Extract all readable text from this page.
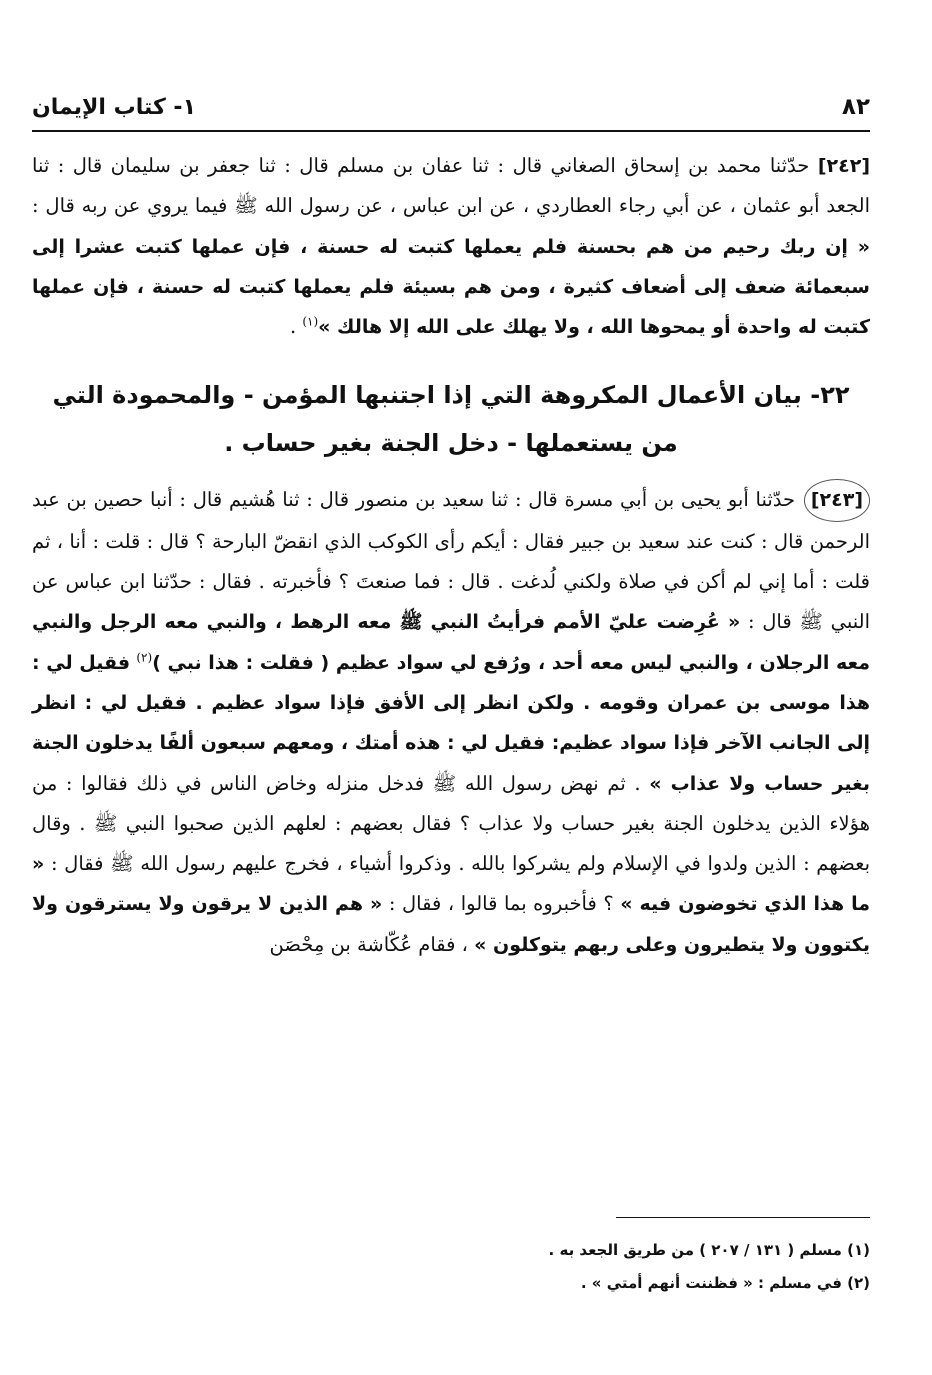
٨٢
١- كتاب الإيمان

[٢٤٢] حدّثنا محمد بن إسحاق الصغاني قال : ثنا عفان بن مسلم قال : ثنا جعفر بن سليمان قال : ثنا الجعد أبو عثمان ، عن أبي رجاء العطاردي ، عن ابن عباس ، عن رسول الله ﷺ فيما يروي عن ربه قال : « إن ربك رحيم من هم بحسنة فلم يعملها كتبت له حسنة ، فإن عملها كتبت عشرا إلى سبعمائة ضعف إلى أضعاف كثيرة ، ومن هم بسيئة فلم يعملها كتبت له حسنة ، فإن عملها كتبت له واحدة أو يمحوها الله ، ولا يهلك على الله إلا هالك »$^{(١)}$ .

٢٢- بيان الأعمال المكروهة التي إذا اجتنبها المؤمن - والمحمودة التي من يستعملها - دخل الجنة بغير حساب .

[٢٤٣] حدّثنا أبو يحيى بن أبي مسرة قال : ثنا سعيد بن منصور قال : ثنا هُشيم قال : أنبا حصين بن عبد الرحمن قال : كنت عند سعيد بن جبير فقال : أيكم رأى الكوكب الذي انقضّ البارحة ؟ قال : قلت : أنا ، ثم قلت : أما إني لم أكن في صلاة ولكني لُدغت . قال : فما صنعتَ ؟ فأخبرته . فقال : حدّثنا ابن عباس عن النبي ﷺ قال : « عُرِضت عليّ الأمم فرأيتُ النبي ﷺ معه الرهط ، والنبي معه الرجل والنبي معه الرجلان ، والنبي ليس معه أحد ، ورُفع لي سواد عظيم ( فقلت : هذا نبي )$^{(٢)}$ فقيل لي : هذا موسى بن عمران وقومه . ولكن انظر إلى الأفق فإذا سواد عظيم . فقيل لي : انظر إلى الجانب الآخر فإذا سواد عظيم: فقيل لي : هذه أمتك ، ومعهم سبعون ألفًا يدخلون الجنة بغير حساب ولا عذاب » . ثم نهض رسول الله ﷺ فدخل منزله وخاض الناس في ذلك فقالوا : من هؤلاء الذين يدخلون الجنة بغير حساب ولا عذاب ؟ فقال بعضهم : لعلهم الذين صحبوا النبي ﷺ . وقال بعضهم : الذين ولدوا في الإسلام ولم يشركوا بالله . وذكروا أشياء ، فخرج عليهم رسول الله ﷺ فقال : « ما هذا الذي تخوضون فيه » ؟ فأخبروه بما قالوا ، فقال : « هم الذين لا يرقون ولا يسترقون ولا يكتوون ولا يتطيرون وعلى ربهم يتوكلون » ، فقام عُكّاشة بن مِحْصَن

(١) مسلم ( ١٣١ / ٢٠٧ ) من طريق الجعد به .
(٢) في مسلم : « فظننت أنهم أمتي » .
